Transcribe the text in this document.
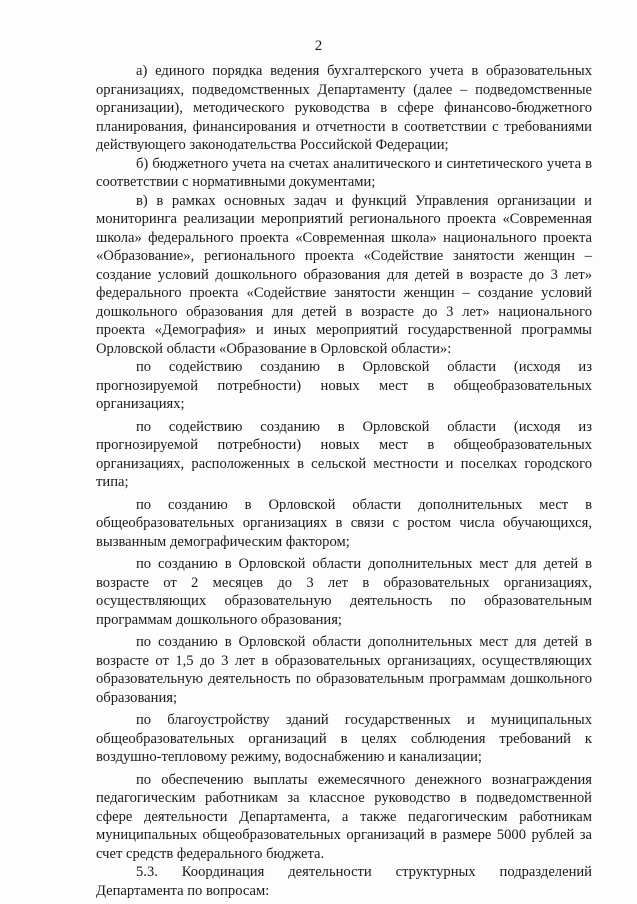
2

а) единого порядка ведения бухгалтерского учета в образовательных организациях, подведомственных Департаменту (далее – подведомственные организации), методического руководства в сфере финансово-бюджетного планирования, финансирования и отчетности в соответствии с требованиями действующего законодательства Российской Федерации;

б) бюджетного учета на счетах аналитического и синтетического учета в соответствии с нормативными документами;

в) в рамках основных задач и функций Управления организации и мониторинга реализации мероприятий регионального проекта «Современная школа» федерального проекта «Современная школа» национального проекта «Образование», регионального проекта «Содействие занятости женщин – создание условий дошкольного образования для детей в возрасте до 3 лет» федерального проекта «Содействие занятости женщин – создание условий дошкольного образования для детей в возрасте до 3 лет» национального проекта «Демография» и иных мероприятий государственной программы Орловской области «Образование в Орловской области»:

по содействию созданию в Орловской области (исходя из прогнозируемой потребности) новых мест в общеобразовательных организациях;

по содействию созданию в Орловской области (исходя из прогнозируемой потребности) новых мест в общеобразовательных организациях, расположенных в сельской местности и поселках городского типа;

по созданию в Орловской области дополнительных мест в общеобразовательных организациях в связи с ростом числа обучающихся, вызванным демографическим фактором;

по созданию в Орловской области дополнительных мест для детей в возрасте от 2 месяцев до 3 лет в образовательных организациях, осуществляющих образовательную деятельность по образовательным программам дошкольного образования;

по созданию в Орловской области дополнительных мест для детей в возрасте от 1,5 до 3 лет в образовательных организациях, осуществляющих образовательную деятельность по образовательным программам дошкольного образования;

по благоустройству зданий государственных и муниципальных общеобразовательных организаций в целях соблюдения требований к воздушно-тепловому режиму, водоснабжению и канализации;

по обеспечению выплаты ежемесячного денежного вознаграждения педагогическим работникам за классное руководство в подведомственной сфере деятельности Департамента, а также педагогическим работникам муниципальных общеобразовательных организаций в размере 5000 рублей за счет средств федерального бюджета.

5.3. Координация деятельности структурных подразделений Департамента по вопросам:
